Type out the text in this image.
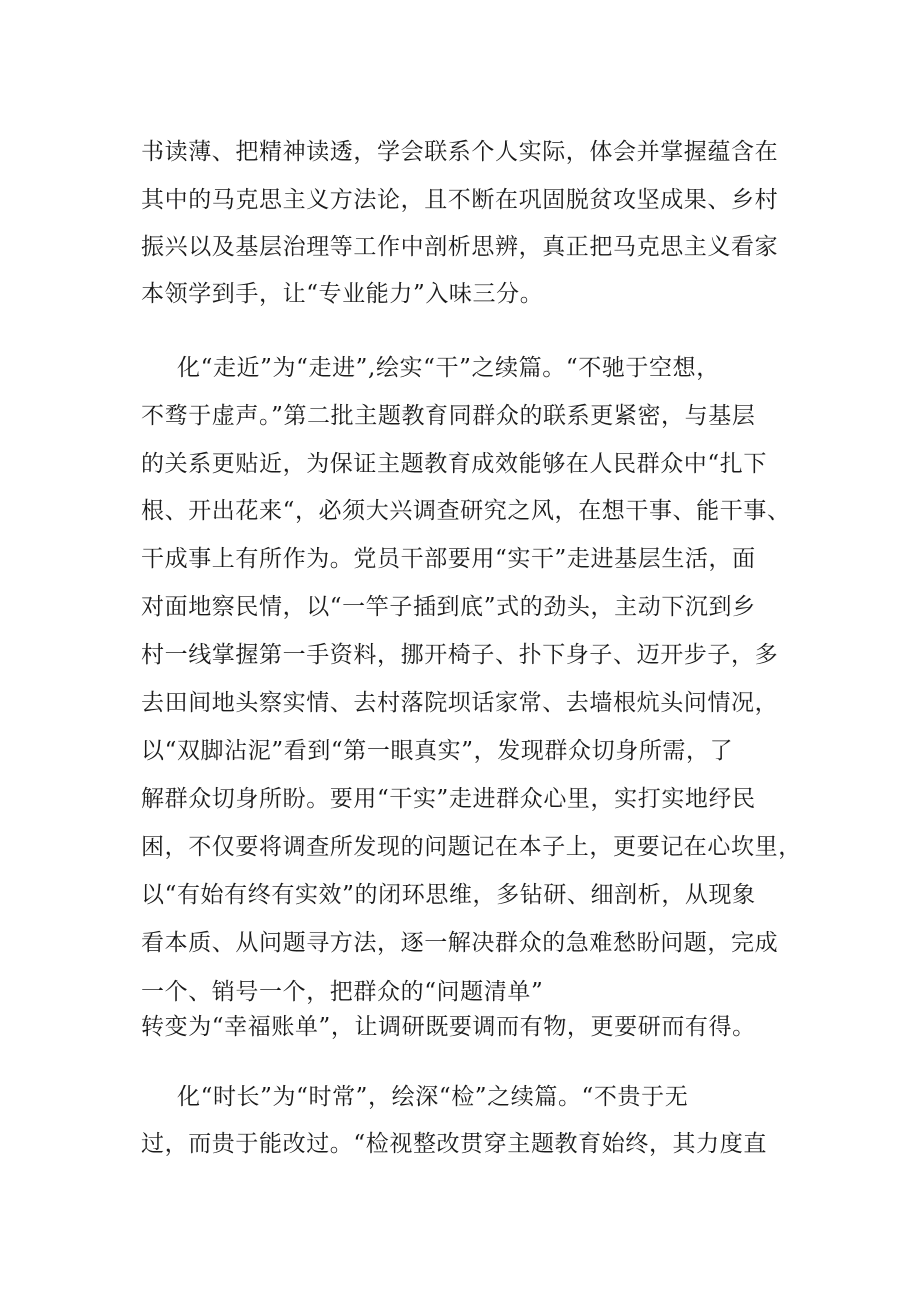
书读薄、把精神读透，学会联系个人实际，体会并掌握蕴含在
其中的马克思主义方法论，且不断在巩固脱贫攻坚成果、乡村
振兴以及基层治理等工作中剖析思辨，真正把马克思主义看家
本领学到手，让“专业能力”入味三分。
化“走近”为“走进”,绘实“干”之续篇。“不驰于空想，
不骛于虚声。”第二批主题教育同群众的联系更紧密，与基层
的关系更贴近，为保证主题教育成效能够在人民群众中“扎下
根、开出花来“，必须大兴调查研究之风，在想干事、能干事、
干成事上有所作为。党员干部要用“实干”走进基层生活，面
对面地察民情，以“一竿子插到底”式的劲头，主动下沉到乡
村一线掌握第一手资料，挪开椅子、扑下身子、迈开步子，多
去田间地头察实情、去村落院坝话家常、去墙根炕头问情况，
以“双脚沾泥”看到“第一眼真实”，发现群众切身所需，了
解群众切身所盼。要用“干实”走进群众心里，实打实地纾民
困，不仅要将调查所发现的问题记在本子上，更要记在心坎里，
以“有始有终有实效”的闭环思维，多钻研、细剖析，从现象
看本质、从问题寻方法，逐一解决群众的急难愁盼问题，完成
一个、销号一个，把群众的“问题清单”
转变为“幸福账单”，让调研既要调而有物，更要研而有得。
化“时长”为“时常”，绘深“检”之续篇。“不贵于无
过，而贵于能改过。“检视整改贯穿主题教育始终，其力度直
